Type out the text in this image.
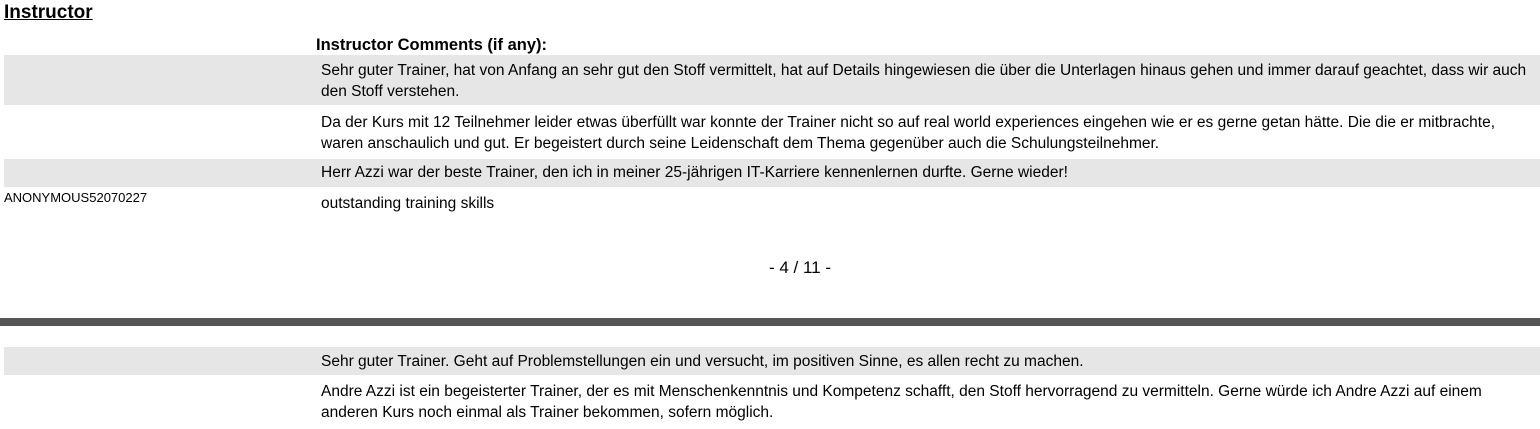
Instructor
Instructor Comments (if any):
Sehr guter Trainer, hat von Anfang an sehr gut den Stoff vermittelt, hat auf Details hingewiesen die über die Unterlagen hinaus gehen und immer darauf geachtet, dass wir auch den Stoff verstehen.
Da der Kurs mit 12 Teilnehmer leider etwas überfüllt war konnte der Trainer nicht so auf real world experiences eingehen wie er es gerne getan hätte. Die die er mitbrachte, waren anschaulich und gut. Er begeistert durch seine Leidenschaft dem Thema gegenüber auch die Schulungsteilnehmer.
Herr Azzi war der beste Trainer, den ich in meiner 25-jährigen IT-Karriere kennenlernen durfte. Gerne wieder!
ANONYMOUS52070227	outstanding training skills
- 4 / 11 -
Sehr guter Trainer. Geht auf Problemstellungen ein und versucht, im positiven Sinne, es allen recht zu machen.
Andre Azzi ist ein begeisterter Trainer, der es mit Menschenkenntnis und Kompetenz schafft, den Stoff hervorragend zu vermitteln. Gerne würde ich Andre Azzi auf einem anderen Kurs noch einmal als Trainer bekommen, sofern möglich.
